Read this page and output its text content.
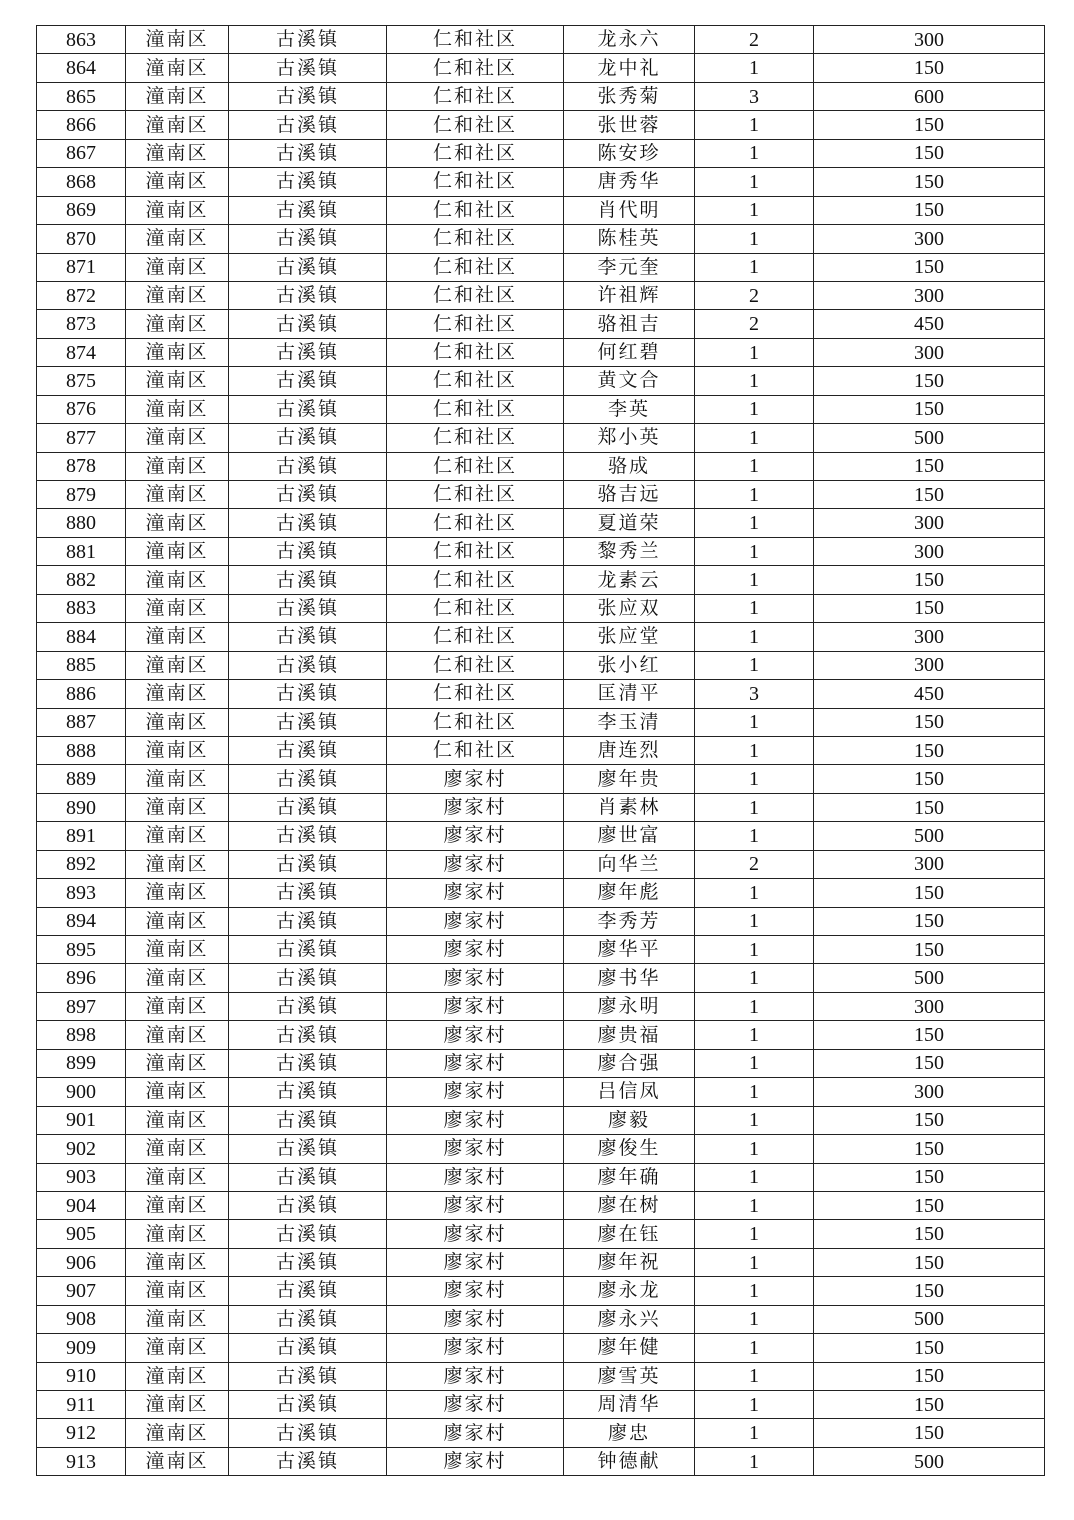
863	潼南区	古溪镇	仁和社区	龙永六	2	300
864	潼南区	古溪镇	仁和社区	龙中礼	1	150
865	潼南区	古溪镇	仁和社区	张秀菊	3	600
866	潼南区	古溪镇	仁和社区	张世蓉	1	150
867	潼南区	古溪镇	仁和社区	陈安珍	1	150
868	潼南区	古溪镇	仁和社区	唐秀华	1	150
869	潼南区	古溪镇	仁和社区	肖代明	1	150
870	潼南区	古溪镇	仁和社区	陈桂英	1	300
871	潼南区	古溪镇	仁和社区	李元奎	1	150
872	潼南区	古溪镇	仁和社区	许祖辉	2	300
873	潼南区	古溪镇	仁和社区	骆祖吉	2	450
874	潼南区	古溪镇	仁和社区	何红碧	1	300
875	潼南区	古溪镇	仁和社区	黄文合	1	150
876	潼南区	古溪镇	仁和社区	李英	1	150
877	潼南区	古溪镇	仁和社区	郑小英	1	500
878	潼南区	古溪镇	仁和社区	骆成	1	150
879	潼南区	古溪镇	仁和社区	骆吉远	1	150
880	潼南区	古溪镇	仁和社区	夏道荣	1	300
881	潼南区	古溪镇	仁和社区	黎秀兰	1	300
882	潼南区	古溪镇	仁和社区	龙素云	1	150
883	潼南区	古溪镇	仁和社区	张应双	1	150
884	潼南区	古溪镇	仁和社区	张应堂	1	300
885	潼南区	古溪镇	仁和社区	张小红	1	300
886	潼南区	古溪镇	仁和社区	匡清平	3	450
887	潼南区	古溪镇	仁和社区	李玉清	1	150
888	潼南区	古溪镇	仁和社区	唐连烈	1	150
889	潼南区	古溪镇	廖家村	廖年贵	1	150
890	潼南区	古溪镇	廖家村	肖素林	1	150
891	潼南区	古溪镇	廖家村	廖世富	1	500
892	潼南区	古溪镇	廖家村	向华兰	2	300
893	潼南区	古溪镇	廖家村	廖年彪	1	150
894	潼南区	古溪镇	廖家村	李秀芳	1	150
895	潼南区	古溪镇	廖家村	廖华平	1	150
896	潼南区	古溪镇	廖家村	廖书华	1	500
897	潼南区	古溪镇	廖家村	廖永明	1	300
898	潼南区	古溪镇	廖家村	廖贵福	1	150
899	潼南区	古溪镇	廖家村	廖合强	1	150
900	潼南区	古溪镇	廖家村	吕信凤	1	300
901	潼南区	古溪镇	廖家村	廖毅	1	150
902	潼南区	古溪镇	廖家村	廖俊生	1	150
903	潼南区	古溪镇	廖家村	廖年确	1	150
904	潼南区	古溪镇	廖家村	廖在树	1	150
905	潼南区	古溪镇	廖家村	廖在钰	1	150
906	潼南区	古溪镇	廖家村	廖年祝	1	150
907	潼南区	古溪镇	廖家村	廖永龙	1	150
908	潼南区	古溪镇	廖家村	廖永兴	1	500
909	潼南区	古溪镇	廖家村	廖年健	1	150
910	潼南区	古溪镇	廖家村	廖雪英	1	150
911	潼南区	古溪镇	廖家村	周清华	1	150
912	潼南区	古溪镇	廖家村	廖忠	1	150
913	潼南区	古溪镇	廖家村	钟德献	1	500
